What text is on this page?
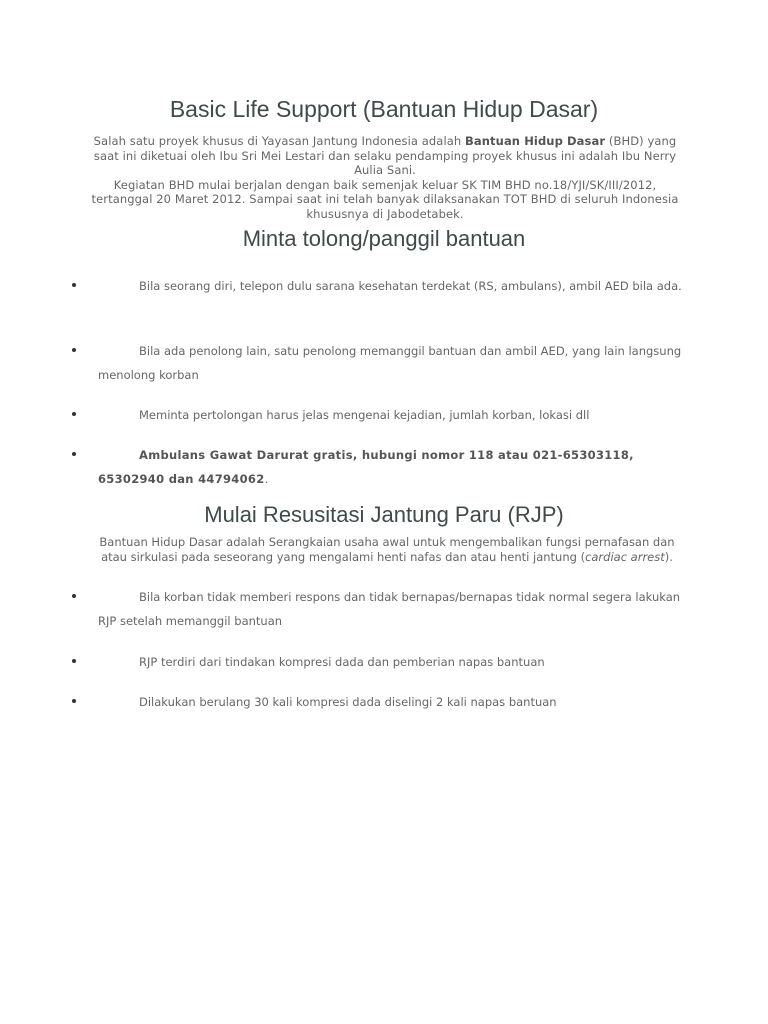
Basic Life Support (Bantuan Hidup Dasar)
Salah satu proyek khusus di Yayasan Jantung Indonesia adalah Bantuan Hidup Dasar (BHD) yang saat ini diketuai oleh Ibu Sri Mei Lestari dan selaku pendamping proyek khusus ini adalah Ibu Nerry Aulia Sani.
Kegiatan BHD mulai berjalan dengan baik semenjak keluar SK TIM BHD no.18/YJI/SK/III/2012, tertanggal 20 Maret 2012. Sampai saat ini telah banyak dilaksanakan TOT BHD di seluruh Indonesia khususnya di Jabodetabek.
Minta tolong/panggil bantuan
Bila seorang diri, telepon dulu sarana kesehatan terdekat (RS, ambulans), ambil AED bila ada.
Bila ada penolong lain, satu penolong memanggil bantuan dan ambil AED, yang lain langsung menolong korban
Meminta pertolongan harus jelas mengenai kejadian, jumlah korban, lokasi dll
Ambulans Gawat Darurat gratis, hubungi nomor 118 atau 021-65303118, 65302940 dan 44794062.
Mulai Resusitasi Jantung Paru (RJP)
Bantuan Hidup Dasar adalah Serangkaian usaha awal untuk mengembalikan fungsi pernafasan dan atau sirkulasi pada seseorang yang mengalami henti nafas dan atau henti jantung (cardiac arrest).
Bila korban tidak memberi respons dan tidak bernapas/bernapas tidak normal segera lakukan RJP setelah memanggil bantuan
RJP terdiri dari tindakan kompresi dada dan pemberian napas bantuan
Dilakukan berulang 30 kali kompresi dada diselingi 2 kali napas bantuan
